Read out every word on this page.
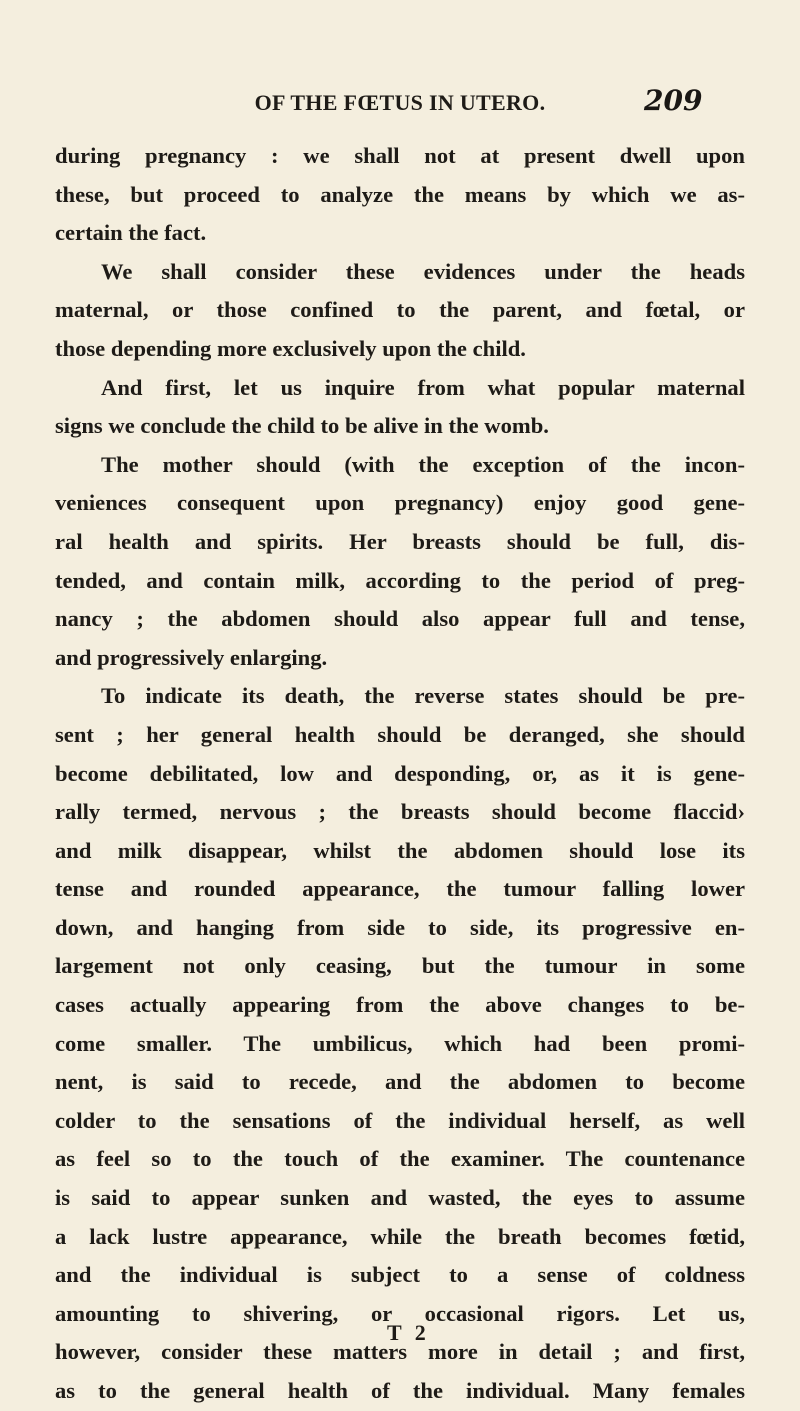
OF THE FŒTUS IN UTERO.	209
during pregnancy : we shall not at present dwell upon
these, but proceed to analyze the means by which we as-
certain the fact.
We shall consider these evidences under the heads
maternal, or those confined to the parent, and fœtal, or
those depending more exclusively upon the child.
And first, let us inquire from what popular maternal
signs we conclude the child to be alive in the womb.
The mother should (with the exception of the incon-
veniences consequent upon pregnancy) enjoy good gene-
ral health and spirits. Her breasts should be full, dis-
tended, and contain milk, according to the period of preg-
nancy ; the abdomen should also appear full and tense,
and progressively enlarging.
To indicate its death, the reverse states should be pre-
sent ; her general health should be deranged, she should
become debilitated, low and desponding, or, as it is gene-
rally termed, nervous ; the breasts should become flaccid›
and milk disappear, whilst the abdomen should lose its
tense and rounded appearance, the tumour falling lower
down, and hanging from side to side, its progressive en-
largement not only ceasing, but the tumour in some
cases actually appearing from the above changes to be-
come smaller. The umbilicus, which had been promi-
nent, is said to recede, and the abdomen to become
colder to the sensations of the individual herself, as well
as feel so to the touch of the examiner. The countenance
is said to appear sunken and wasted, the eyes to assume
a lack lustre appearance, while the breath becomes fœtid,
and the individual is subject to a sense of coldness
amounting to shivering, or occasional rigors. Let us,
however, consider these matters more in detail ; and first,
as to the general health of the individual. Many females
T 2
